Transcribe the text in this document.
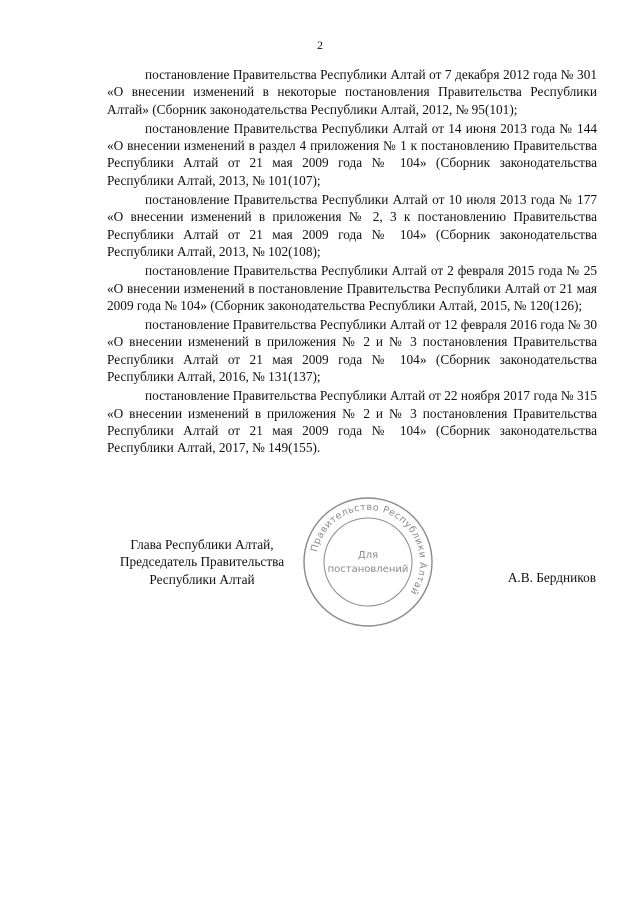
2

постановление Правительства Республики Алтай от 7 декабря 2012 года № 301 «О внесении изменений в некоторые постановления Правительства Республики Алтай» (Сборник законодательства Республики Алтай, 2012, № 95(101);

постановление Правительства Республики Алтай от 14 июня 2013 года № 144 «О внесении изменений в раздел 4 приложения № 1 к постановлению Правительства Республики Алтай от 21 мая 2009 года № 104» (Сборник законодательства Республики Алтай, 2013, № 101(107);

постановление Правительства Республики Алтай от 10 июля 2013 года № 177 «О внесении изменений в приложения № 2, 3 к постановлению Правительства Республики Алтай от 21 мая 2009 года № 104» (Сборник законодательства Республики Алтай, 2013, № 102(108);

постановление Правительства Республики Алтай от 2 февраля 2015 года № 25 «О внесении изменений в постановление Правительства Республики Алтай от 21 мая 2009 года № 104» (Сборник законодательства Республики Алтай, 2015, № 120(126);

постановление Правительства Республики Алтай от 12 февраля 2016 года № 30 «О внесении изменений в приложения № 2 и № 3 постановления Правительства Республики Алтай от 21 мая 2009 года № 104» (Сборник законодательства Республики Алтай, 2016, № 131(137);

постановление Правительства Республики Алтай от 22 ноября 2017 года № 315 «О внесении изменений в приложения № 2 и № 3 постановления Правительства Республики Алтай от 21 мая 2009 года № 104» (Сборник законодательства Республики Алтай, 2017, № 149(155).

Глава Республики Алтай,
Председатель Правительства
Республики Алтай
Правительство Республики Алтай
Для
постановлений
А.В. Бердников
